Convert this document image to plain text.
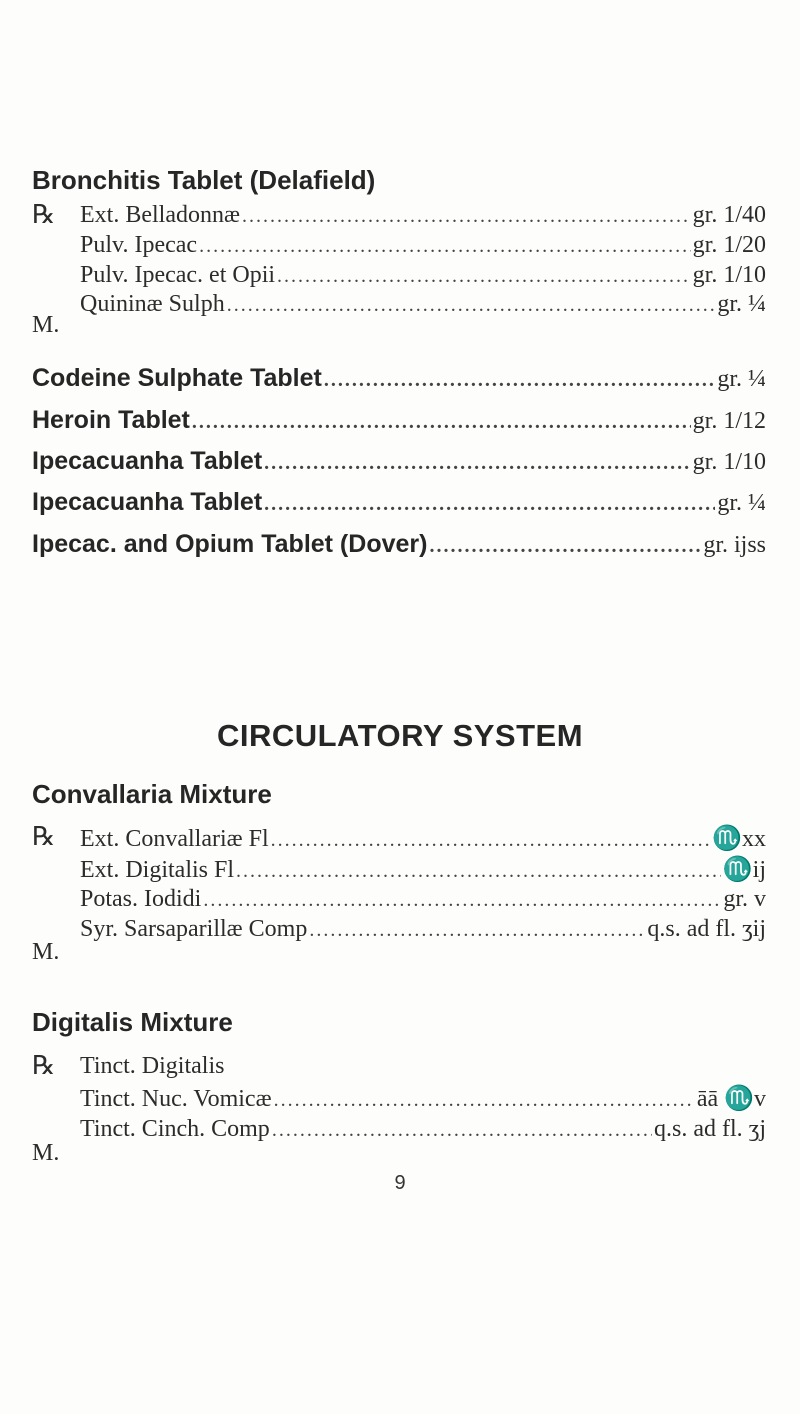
Bronchitis Tablet (Delafield)
℞ Ext. Belladonnæ .....	gr. 1/40
Pulv. Ipecac .....	gr. 1/20
Pulv. Ipecac. et Opii .....	gr. 1/10
Quininæ Sulph .....	gr. ¼
M.
Codeine Sulphate Tablet .....	gr. ¼
Heroin Tablet .....	gr. 1/12
Ipecacuanha Tablet .....	gr. 1/10
Ipecacuanha Tablet .....	gr. ¼
Ipecac. and Opium Tablet (Dover) .....	gr. ijss
CIRCULATORY SYSTEM
Convallaria Mixture
℞ Ext. Convallariæ Fl .....	♏xx
Ext. Digitalis Fl .....	♏ij
Potas. Iodidi .....	gr. v
Syr. Sarsaparillæ Comp .....	q.s. ad fl. ʒij
M.
Digitalis Mixture
℞ Tinct. Digitalis
Tinct. Nuc. Vomicæ .....	āā ♏v
Tinct. Cinch. Comp .....	q.s. ad fl. ʒj
M.
9
